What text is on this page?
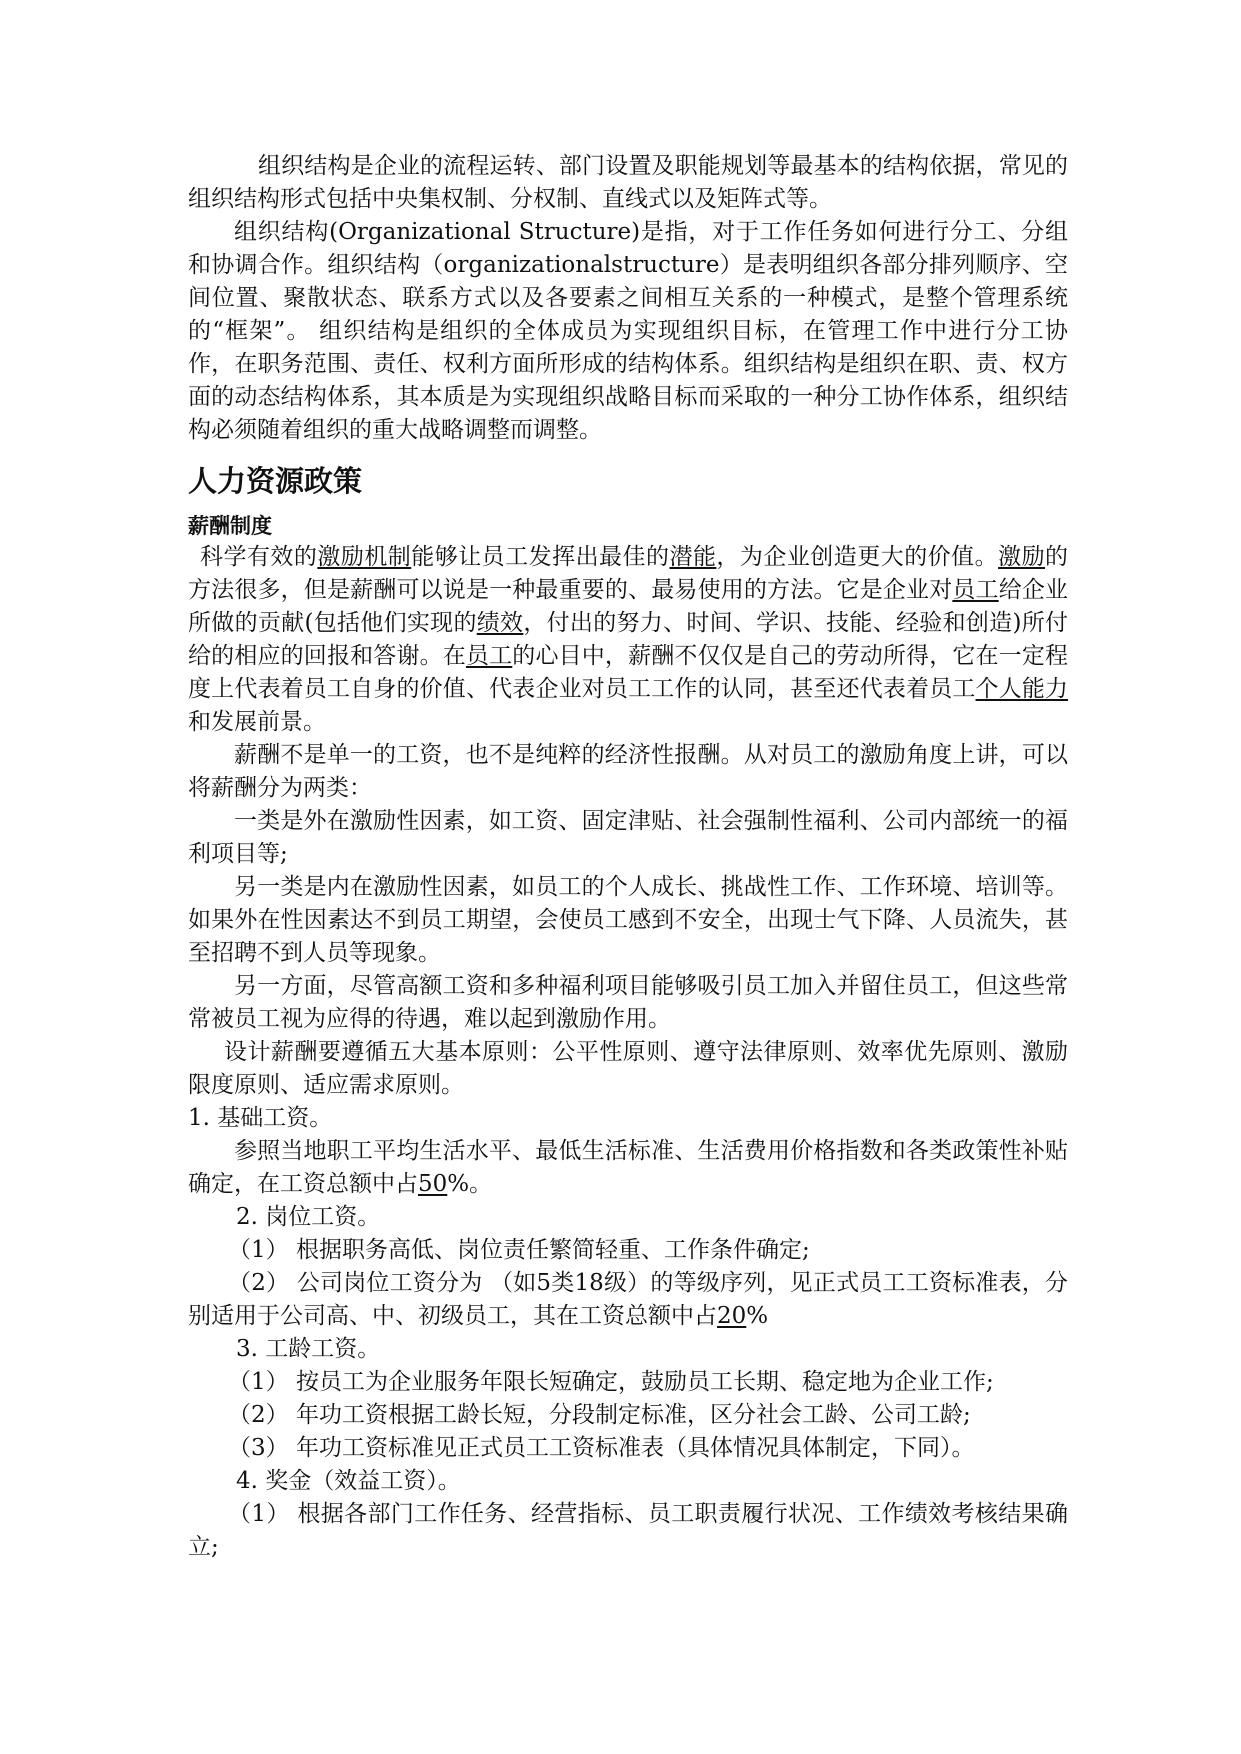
组织结构是企业的流程运转、部门设置及职能规划等最基本的结构依据，常见的组织结构形式包括中央集权制、分权制、直线式以及矩阵式等。

组织结构(Organizational Structure)是指，对于工作任务如何进行分工、分组和协调合作。组织结构（organizationalstructure）是表明组织各部分排列顺序、空间位置、聚散状态、联系方式以及各要素之间相互关系的一种模式，是整个管理系统的“框架”。 组织结构是组织的全体成员为实现组织目标，在管理工作中进行分工协作，在职务范围、责任、权利方面所形成的结构体系。组织结构是组织在职、责、权方面的动态结构体系，其本质是为实现组织战略目标而采取的一种分工协作体系，组织结构必须随着组织的重大战略调整而调整。

人力资源政策
薪酬制度

科学有效的激励机制能够让员工发挥出最佳的潜能，为企业创造更大的价值。激励的方法很多，但是薪酬可以说是一种最重要的、最易使用的方法。它是企业对员工给企业所做的贡献(包括他们实现的绩效，付出的努力、时间、学识、技能、经验和创造)所付给的相应的回报和答谢。在员工的心目中，薪酬不仅仅是自己的劳动所得，它在一定程度上代表着员工自身的价值、代表企业对员工工作的认同，甚至还代表着员工个人能力和发展前景。

薪酬不是单一的工资，也不是纯粹的经济性报酬。从对员工的激励角度上讲，可以将薪酬分为两类：

一类是外在激励性因素，如工资、固定津贴、社会强制性福利、公司内部统一的福利项目等;

另一类是内在激励性因素，如员工的个人成长、挑战性工作、工作环境、培训等。如果外在性因素达不到员工期望，会使员工感到不安全，出现士气下降、人员流失，甚至招聘不到人员等现象。

另一方面，尽管高额工资和多种福利项目能够吸引员工加入并留住员工，但这些常常被员工视为应得的待遇，难以起到激励作用。

设计薪酬要遵循五大基本原则：公平性原则、遵守法律原则、效率优先原则、激励限度原则、适应需求原则。

1. 基础工资。

参照当地职工平均生活水平、最低生活标准、生活费用价格指数和各类政策性补贴确定，在工资总额中占50%。

2. 岗位工资。

（1） 根据职务高低、岗位责任繁简轻重、工作条件确定;

（2） 公司岗位工资分为 （如5类18级）的等级序列，见正式员工工资标准表，分别适用于公司高、中、初级员工，其在工资总额中占20%

3. 工龄工资。

（1） 按员工为企业服务年限长短确定，鼓励员工长期、稳定地为企业工作;

（2） 年功工资根据工龄长短，分段制定标准，区分社会工龄、公司工龄;

（3） 年功工资标准见正式员工工资标准表（具体情况具体制定，下同）。

4. 奖金（效益工资）。

（1） 根据各部门工作任务、经营指标、员工职责履行状况、工作绩效考核结果确立;
